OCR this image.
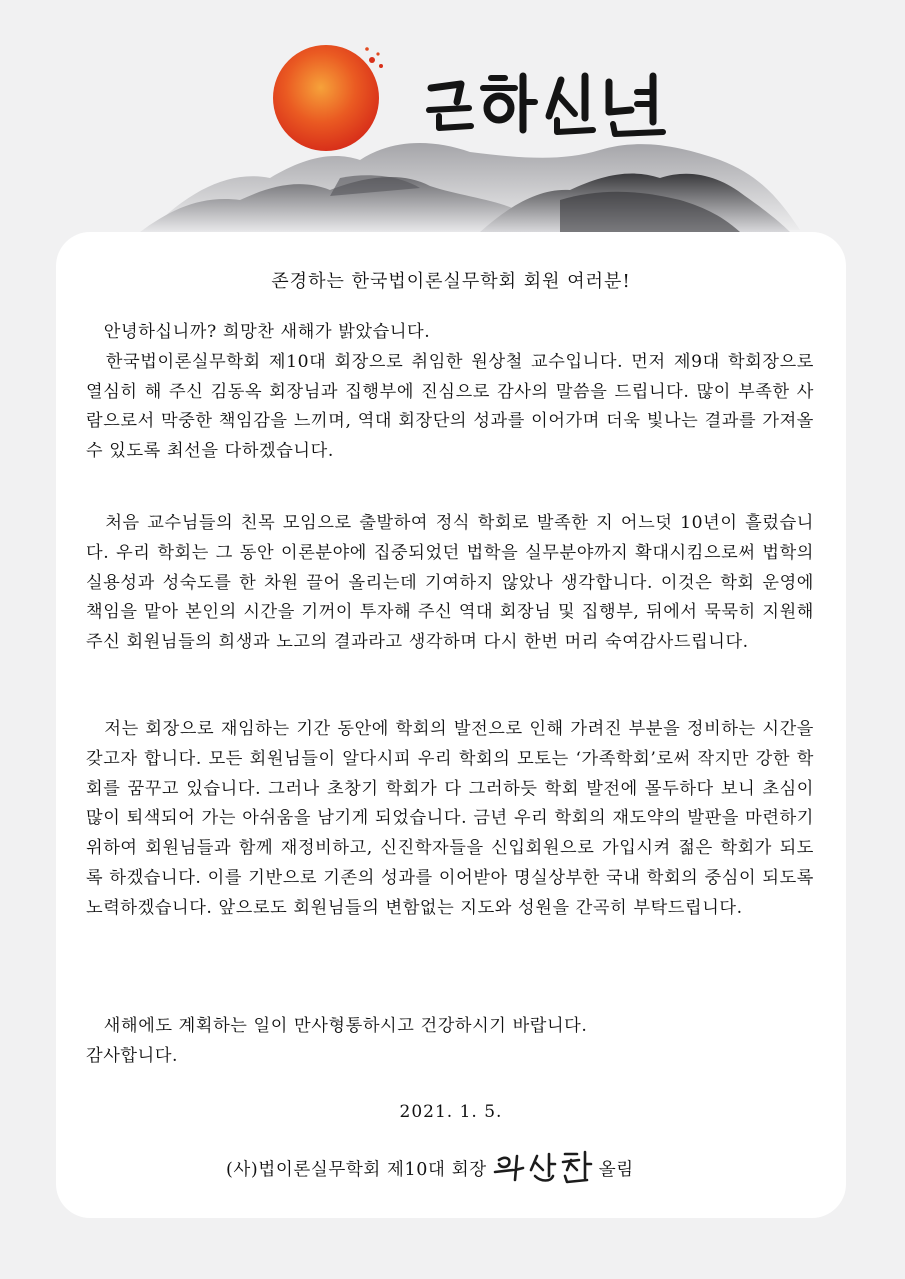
존경하는 한국법이론실무학회 회원 여러분!
　안녕하십니까? 희망찬 새해가 밝았습니다.
　한국법이론실무학회 제10대 회장으로 취임한 원상철 교수입니다. 먼저 제9대 학회장으로 열심히 해 주신 김동옥 회장님과 집행부에 진심으로 감사의 말씀을 드립니다. 많이 부족한 사람으로서 막중한 책임감을 느끼며, 역대 회장단의 성과를 이어가며 더욱 빛나는 결과를 가져올 수 있도록 최선을 다하겠습니다.
　처음 교수님들의 친목 모임으로 출발하여 정식 학회로 발족한 지 어느덧 10년이 흘렀습니다. 우리 학회는 그 동안 이론분야에 집중되었던 법학을 실무분야까지 확대시킴으로써 법학의 실용성과 성숙도를 한 차원 끌어 올리는데 기여하지 않았나 생각합니다. 이것은 학회 운영에 책임을 맡아 본인의 시간을 기꺼이 투자해 주신 역대 회장님 및 집행부, 뒤에서 묵묵히 지원해 주신 회원님들의 희생과 노고의 결과라고 생각하며 다시 한번 머리 숙여감사드립니다.
　저는 회장으로 재임하는 기간 동안에 학회의 발전으로 인해 가려진 부분을 정비하는 시간을 갖고자 합니다. 모든 회원님들이 알다시피 우리 학회의 모토는 ‘가족학회’로써 작지만 강한 학회를 꿈꾸고 있습니다. 그러나 초창기 학회가 다 그러하듯 학회 발전에 몰두하다 보니 초심이 많이 퇴색되어 가는 아쉬움을 남기게 되었습니다. 금년 우리 학회의 재도약의 발판을 마련하기 위하여 회원님들과 함께 재정비하고, 신진학자들을 신입회원으로 가입시켜 젊은 학회가 되도록 하겠습니다. 이를 기반으로 기존의 성과를 이어받아 명실상부한 국내 학회의 중심이 되도록 노력하겠습니다. 앞으로도 회원님들의 변함없는 지도와 성원을 간곡히 부탁드립니다.
　새해에도 계획하는 일이 만사형통하시고 건강하시기 바랍니다.
감사합니다.
2021. 1. 5.
(사)법이론실무학회 제10대 회장	올림
